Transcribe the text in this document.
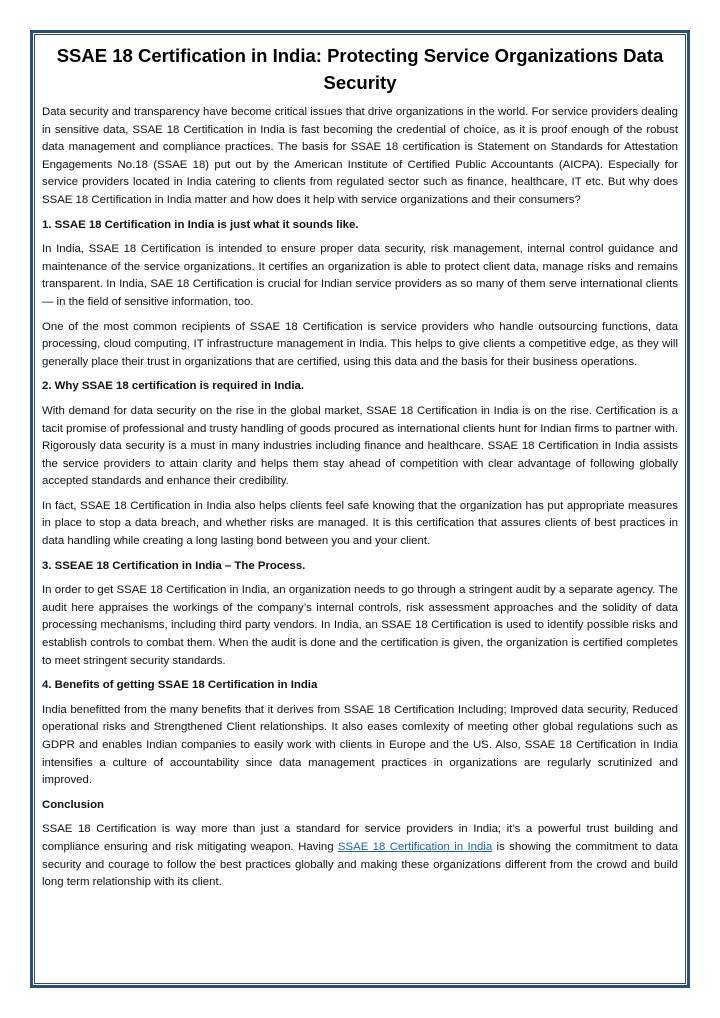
SSAE 18 Certification in India: Protecting Service Organizations Data Security

Data security and transparency have become critical issues that drive organizations in the world. For service providers dealing in sensitive data, SSAE 18 Certification in India is fast becoming the credential of choice, as it is proof enough of the robust data management and compliance practices. The basis for SSAE 18 certification is Statement on Standards for Attestation Engagements No.18 (SSAE 18) put out by the American Institute of Certified Public Accountants (AICPA). Especially for service providers located in India catering to clients from regulated sector such as finance, healthcare, IT etc. But why does SSAE 18 Certification in India matter and how does it help with service organizations and their consumers?

1. SSAE 18 Certification in India is just what it sounds like.

In India, SSAE 18 Certification is intended to ensure proper data security, risk management, internal control guidance and maintenance of the service organizations. It certifies an organization is able to protect client data, manage risks and remains transparent. In India, SAE 18 Certification is crucial for Indian service providers as so many of them serve international clients — in the field of sensitive information, too.

One of the most common recipients of SSAE 18 Certification is service providers who handle outsourcing functions, data processing, cloud computing, IT infrastructure management in India. This helps to give clients a competitive edge, as they will generally place their trust in organizations that are certified, using this data and the basis for their business operations.

2. Why SSAE 18 certification is required in India.

With demand for data security on the rise in the global market, SSAE 18 Certification in India is on the rise. Certification is a tacit promise of professional and trusty handling of goods procured as international clients hunt for Indian firms to partner with. Rigorously data security is a must in many industries including finance and healthcare. SSAE 18 Certification in India assists the service providers to attain clarity and helps them stay ahead of competition with clear advantage of following globally accepted standards and enhance their credibility.

In fact, SSAE 18 Certification in India also helps clients feel safe knowing that the organization has put appropriate measures in place to stop a data breach, and whether risks are managed. It is this certification that assures clients of best practices in data handling while creating a long lasting bond between you and your client.

3. SSEAE 18 Certification in India – The Process.

In order to get SSAE 18 Certification in India, an organization needs to go through a stringent audit by a separate agency. The audit here appraises the workings of the company’s internal controls, risk assessment approaches and the solidity of data processing mechanisms, including third party vendors. In India, an SSAE 18 Certification is used to identify possible risks and establish controls to combat them. When the audit is done and the certification is given, the organization is certified completes to meet stringent security standards.

4. Benefits of getting SSAE 18 Certification in India

India benefitted from the many benefits that it derives from SSAE 18 Certification Including; Improved data security, Reduced operational risks and Strengthened Client relationships. It also eases comlexity of meeting other global regulations such as GDPR and enables Indian companies to easily work with clients in Europe and the US. Also, SSAE 18 Certification in India intensifies a culture of accountability since data management practices in organizations are regularly scrutinized and improved.

Conclusion

SSAE 18 Certification is way more than just a standard for service providers in India; it’s a powerful trust building and compliance ensuring and risk mitigating weapon. Having SSAE 18 Certification in India is showing the commitment to data security and courage to follow the best practices globally and making these organizations different from the crowd and build long term relationship with its client.
